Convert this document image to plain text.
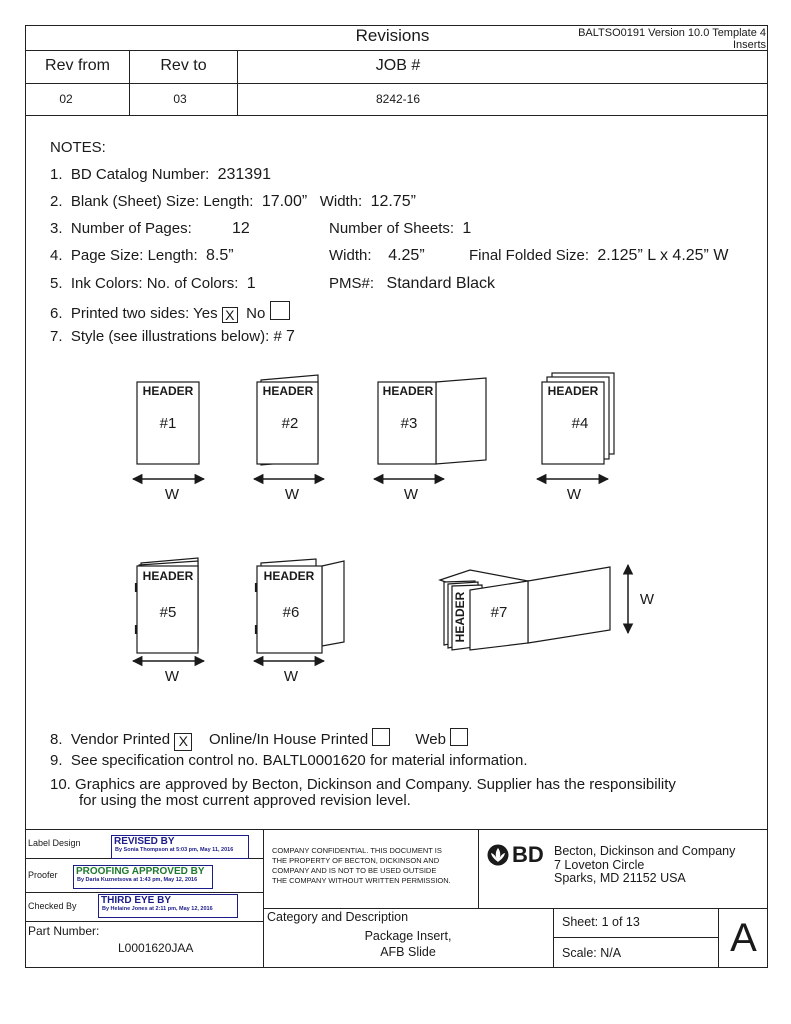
Revisions	BALTSO0191 Version 10.0 Template 4
Inserts
Rev from	Rev to	JOB #
02	03	8242-16
NOTES:
1. BD Catalog Number: 231391
2. Blank (Sheet) Size: Length: 17.00” Width: 12.75”
3. Number of Pages:	12	Number of Sheets: 1
4. Page Size: Length: 8.5”	Width: 4.25”	Final Folded Size: 2.125” L x 4.25” W
5. Ink Colors: No. of Colors: 1	PMS#: Standard Black
6. Printed two sides: Yes X No
7. Style (see illustrations below): # 7
HEADER	HEADER	HEADER	HEADER
HEADER	HEADER
HEADER
#1	#2	#3	#4
#5	#6	#7
W	W	W	W
W	W
W
8. Vendor Printed X Online/In House Printed	Web
9. See specification control no. BALTL0001620 for material information.
10. Graphics are approved by Becton, Dickinson and Company. Supplier has the responsibility
for using the most current approved revision level.
Label Design	REVISED BY
By Sonia Thompson at 5:03 pm, May 11, 2016
Proofer PROOFING APPROVED BY
By Daria Kuznetsova at 1:43 pm, May 12, 2016
Checked By THIRD EYE BY
By Helaine Jones at 2:11 pm, May 12, 2016
Part Number:
L0001620JAA
COMPANY CONFIDENTIAL. THIS DOCUMENT IS
THE PROPERTY OF BECTON, DICKINSON AND
COMPANY AND IS NOT TO BE USED OUTSIDE
THE COMPANY WITHOUT WRITTEN PERMISSION.
BD Becton, Dickinson and Company
7 Loveton Circle
Sparks, MD 21152 USA
Category and Description
Package Insert,
AFB Slide
Sheet: 1 of 13
Scale: N/A	A
